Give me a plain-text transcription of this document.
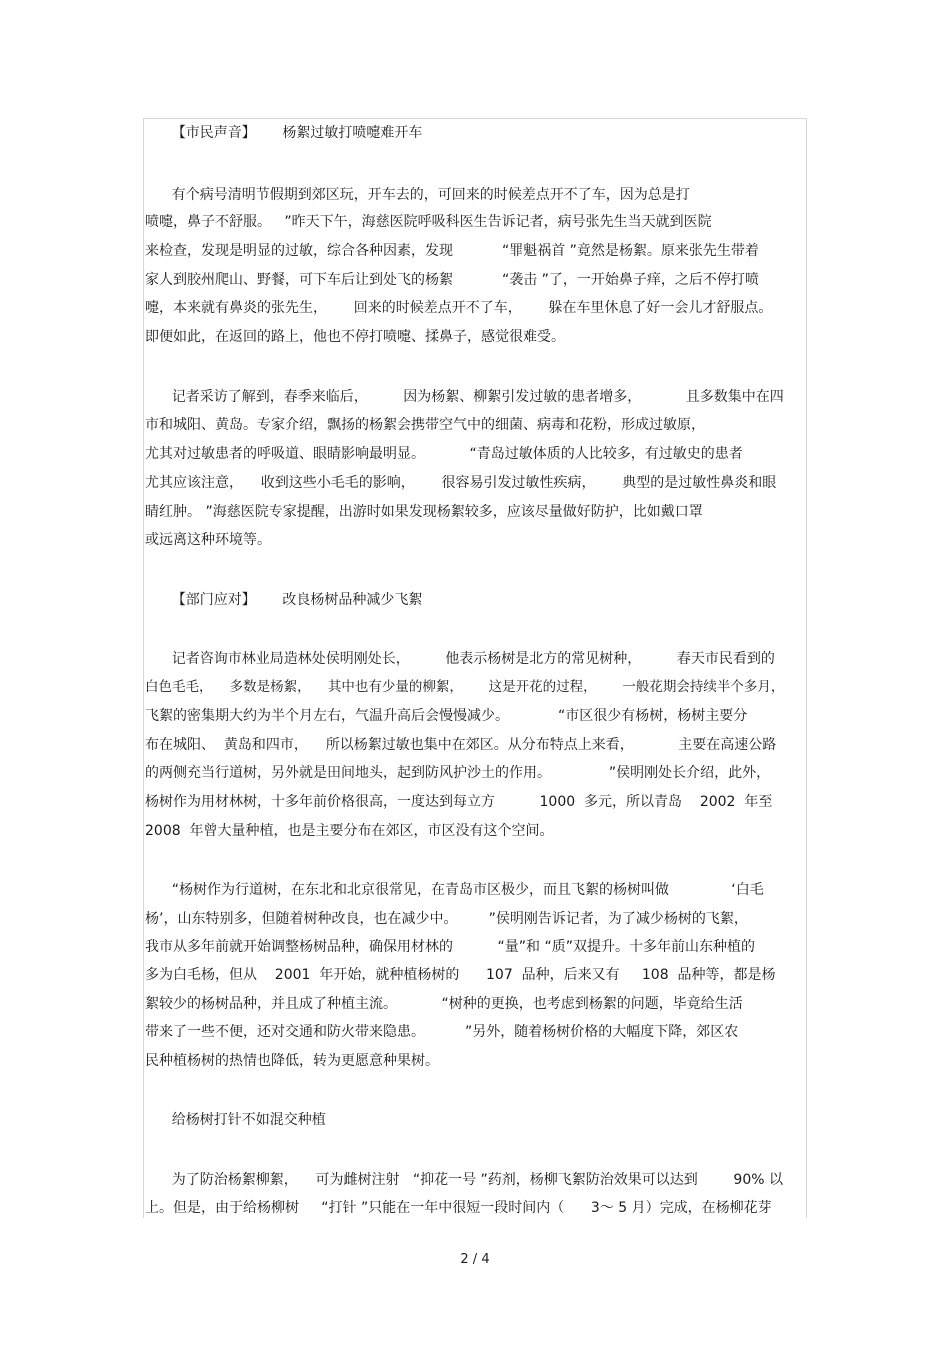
【市民声音】      杨絮过敏打喷嚏难开车
有个病号清明节假期到郊区玩，开车去的，可回来的时候差点开不了车，因为总是打
喷嚏，鼻子不舒服。   ”昨天下午，海慈医院呼吸科医生告诉记者，病号张先生当天就到医院
来检查，发现是明显的过敏，综合各种因素，发现           “罪魁祸首 ”竟然是杨絮。原来张先生带着
家人到胶州爬山、野餐，可下车后让到处飞的杨絮           “袭击 ”了，一开始鼻子痒，之后不停打喷
嚏，本来就有鼻炎的张先生，      回来的时候差点开不了车，      躲在车里休息了好一会儿才舒服点。
即便如此，在返回的路上，他也不停打喷嚏、揉鼻子，感觉很难受。
记者采访了解到，春季来临后，        因为杨絮、柳絮引发过敏的患者增多，          且多数集中在四
市和城阳、黄岛。专家介绍，飘扬的杨絮会携带空气中的细菌、病毒和花粉，形成过敏原，
尤其对过敏患者的呼吸道、眼睛影响最明显。          “青岛过敏体质的人比较多，有过敏史的患者
尤其应该注意，    收到这些小毛毛的影响，      很容易引发过敏性疾病，      典型的是过敏性鼻炎和眼
睛红肿。 ”海慈医院专家提醒，出游时如果发现杨絮较多，应该尽量做好防护，比如戴口罩
或远离这种环境等。
【部门应对】      改良杨树品种减少飞絮
记者咨询市林业局造林处侯明刚处长，        他表示杨树是北方的常见树种，        春天市民看到的
白色毛毛，    多数是杨絮，    其中也有少量的柳絮，      这是开花的过程，      一般花期会持续半个多月，
飞絮的密集期大约为半个月左右，气温升高后会慢慢减少。           “市区很少有杨树，杨树主要分
布在城阳、  黄岛和四市，    所以杨絮过敏也集中在郊区。从分布特点上来看，          主要在高速公路
的两侧充当行道树，另外就是田间地头，起到防风护沙土的作用。             ”侯明刚处长介绍，此外，
杨树作为用材林树，十多年前价格很高，一度达到每立方          1000  多元，所以青岛    2002  年至
2008  年曾大量种植，也是主要分布在郊区，市区没有这个空间。
“杨树作为行道树，在东北和北京很常见，在青岛市区极少，而且飞絮的杨树叫做              ‘白毛
杨’，山东特别多，但随着树种改良，也在减少中。       ”侯明刚告诉记者，为了减少杨树的飞絮，
我市从多年前就开始调整杨树品种，确保用材林的          “量”和 “质”双提升。十多年前山东种植的
多为白毛杨，但从    2001  年开始，就种植杨树的      107  品种，后来又有     108  品种等，都是杨
絮较少的杨树品种，并且成了种植主流。          “树种的更换，也考虑到杨絮的问题，毕竟给生活
带来了一些不便，还对交通和防火带来隐患。         ”另外，随着杨树价格的大幅度下降，郊区农
民种植杨树的热情也降低，转为更愿意种果树。
给杨树打针不如混交种植
为了防治杨絮柳絮，    可为雌树注射   “抑花一号 ”药剂，杨柳飞絮防治效果可以达到        90% 以
上。但是，由于给杨柳树     “打针 ”只能在一年中很短一段时间内（      3～ 5 月）完成，在杨柳花芽
2 / 4
